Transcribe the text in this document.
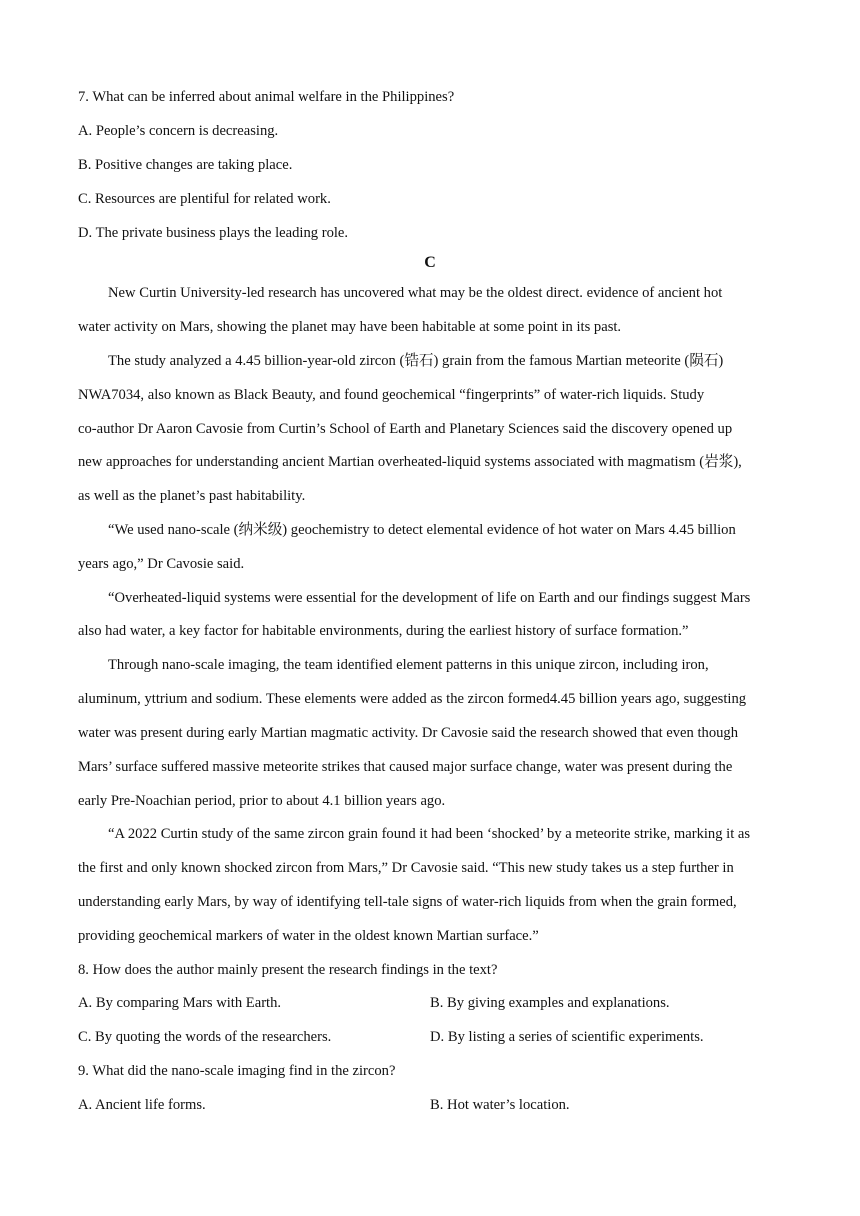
7. What can be inferred about animal welfare in the Philippines?
A. People’s concern is decreasing.
B. Positive changes are taking place.
C. Resources are plentiful for related work.
D. The private business plays the leading role.
C
New Curtin University-led research has uncovered what may be the oldest direct. evidence of ancient hot
water activity on Mars, showing the planet may have been habitable at some point in its past.
The study analyzed a 4.45 billion-year-old zircon (锆石) grain from the famous Martian meteorite (陨石)
NWA7034, also known as Black Beauty, and found geochemical “fingerprints” of water-rich liquids. Study
co-author Dr Aaron Cavosie from Curtin’s School of Earth and Planetary Sciences said the discovery opened up
new approaches for understanding ancient Martian overheated-liquid systems associated with magmatism (岩浆),
as well as the planet’s past habitability.
“We used nano-scale (纳米级) geochemistry to detect elemental evidence of hot water on Mars 4.45 billion
years ago,” Dr Cavosie said.
“Overheated-liquid systems were essential for the development of life on Earth and our findings suggest Mars
also had water, a key factor for habitable environments, during the earliest history of surface formation.”
Through nano-scale imaging, the team identified element patterns in this unique zircon, including iron,
aluminum, yttrium and sodium. These elements were added as the zircon formed4.45 billion years ago, suggesting
water was present during early Martian magmatic activity. Dr Cavosie said the research showed that even though
Mars’ surface suffered massive meteorite strikes that caused major surface change, water was present during the
early Pre-Noachian period, prior to about 4.1 billion years ago.
“A 2022 Curtin study of the same zircon grain found it had been ‘shocked’ by a meteorite strike, marking it as
the first and only known shocked zircon from Mars,” Dr Cavosie said. “This new study takes us a step further in
understanding early Mars, by way of identifying tell-tale signs of water-rich liquids from when the grain formed,
providing geochemical markers of water in the oldest known Martian surface.”
8. How does the author mainly present the research findings in the text?
A. By comparing Mars with Earth.	B. By giving examples and explanations.
C. By quoting the words of the researchers.	D. By listing a series of scientific experiments.
9. What did the nano-scale imaging find in the zircon?
A. Ancient life forms.	B. Hot water’s location.
